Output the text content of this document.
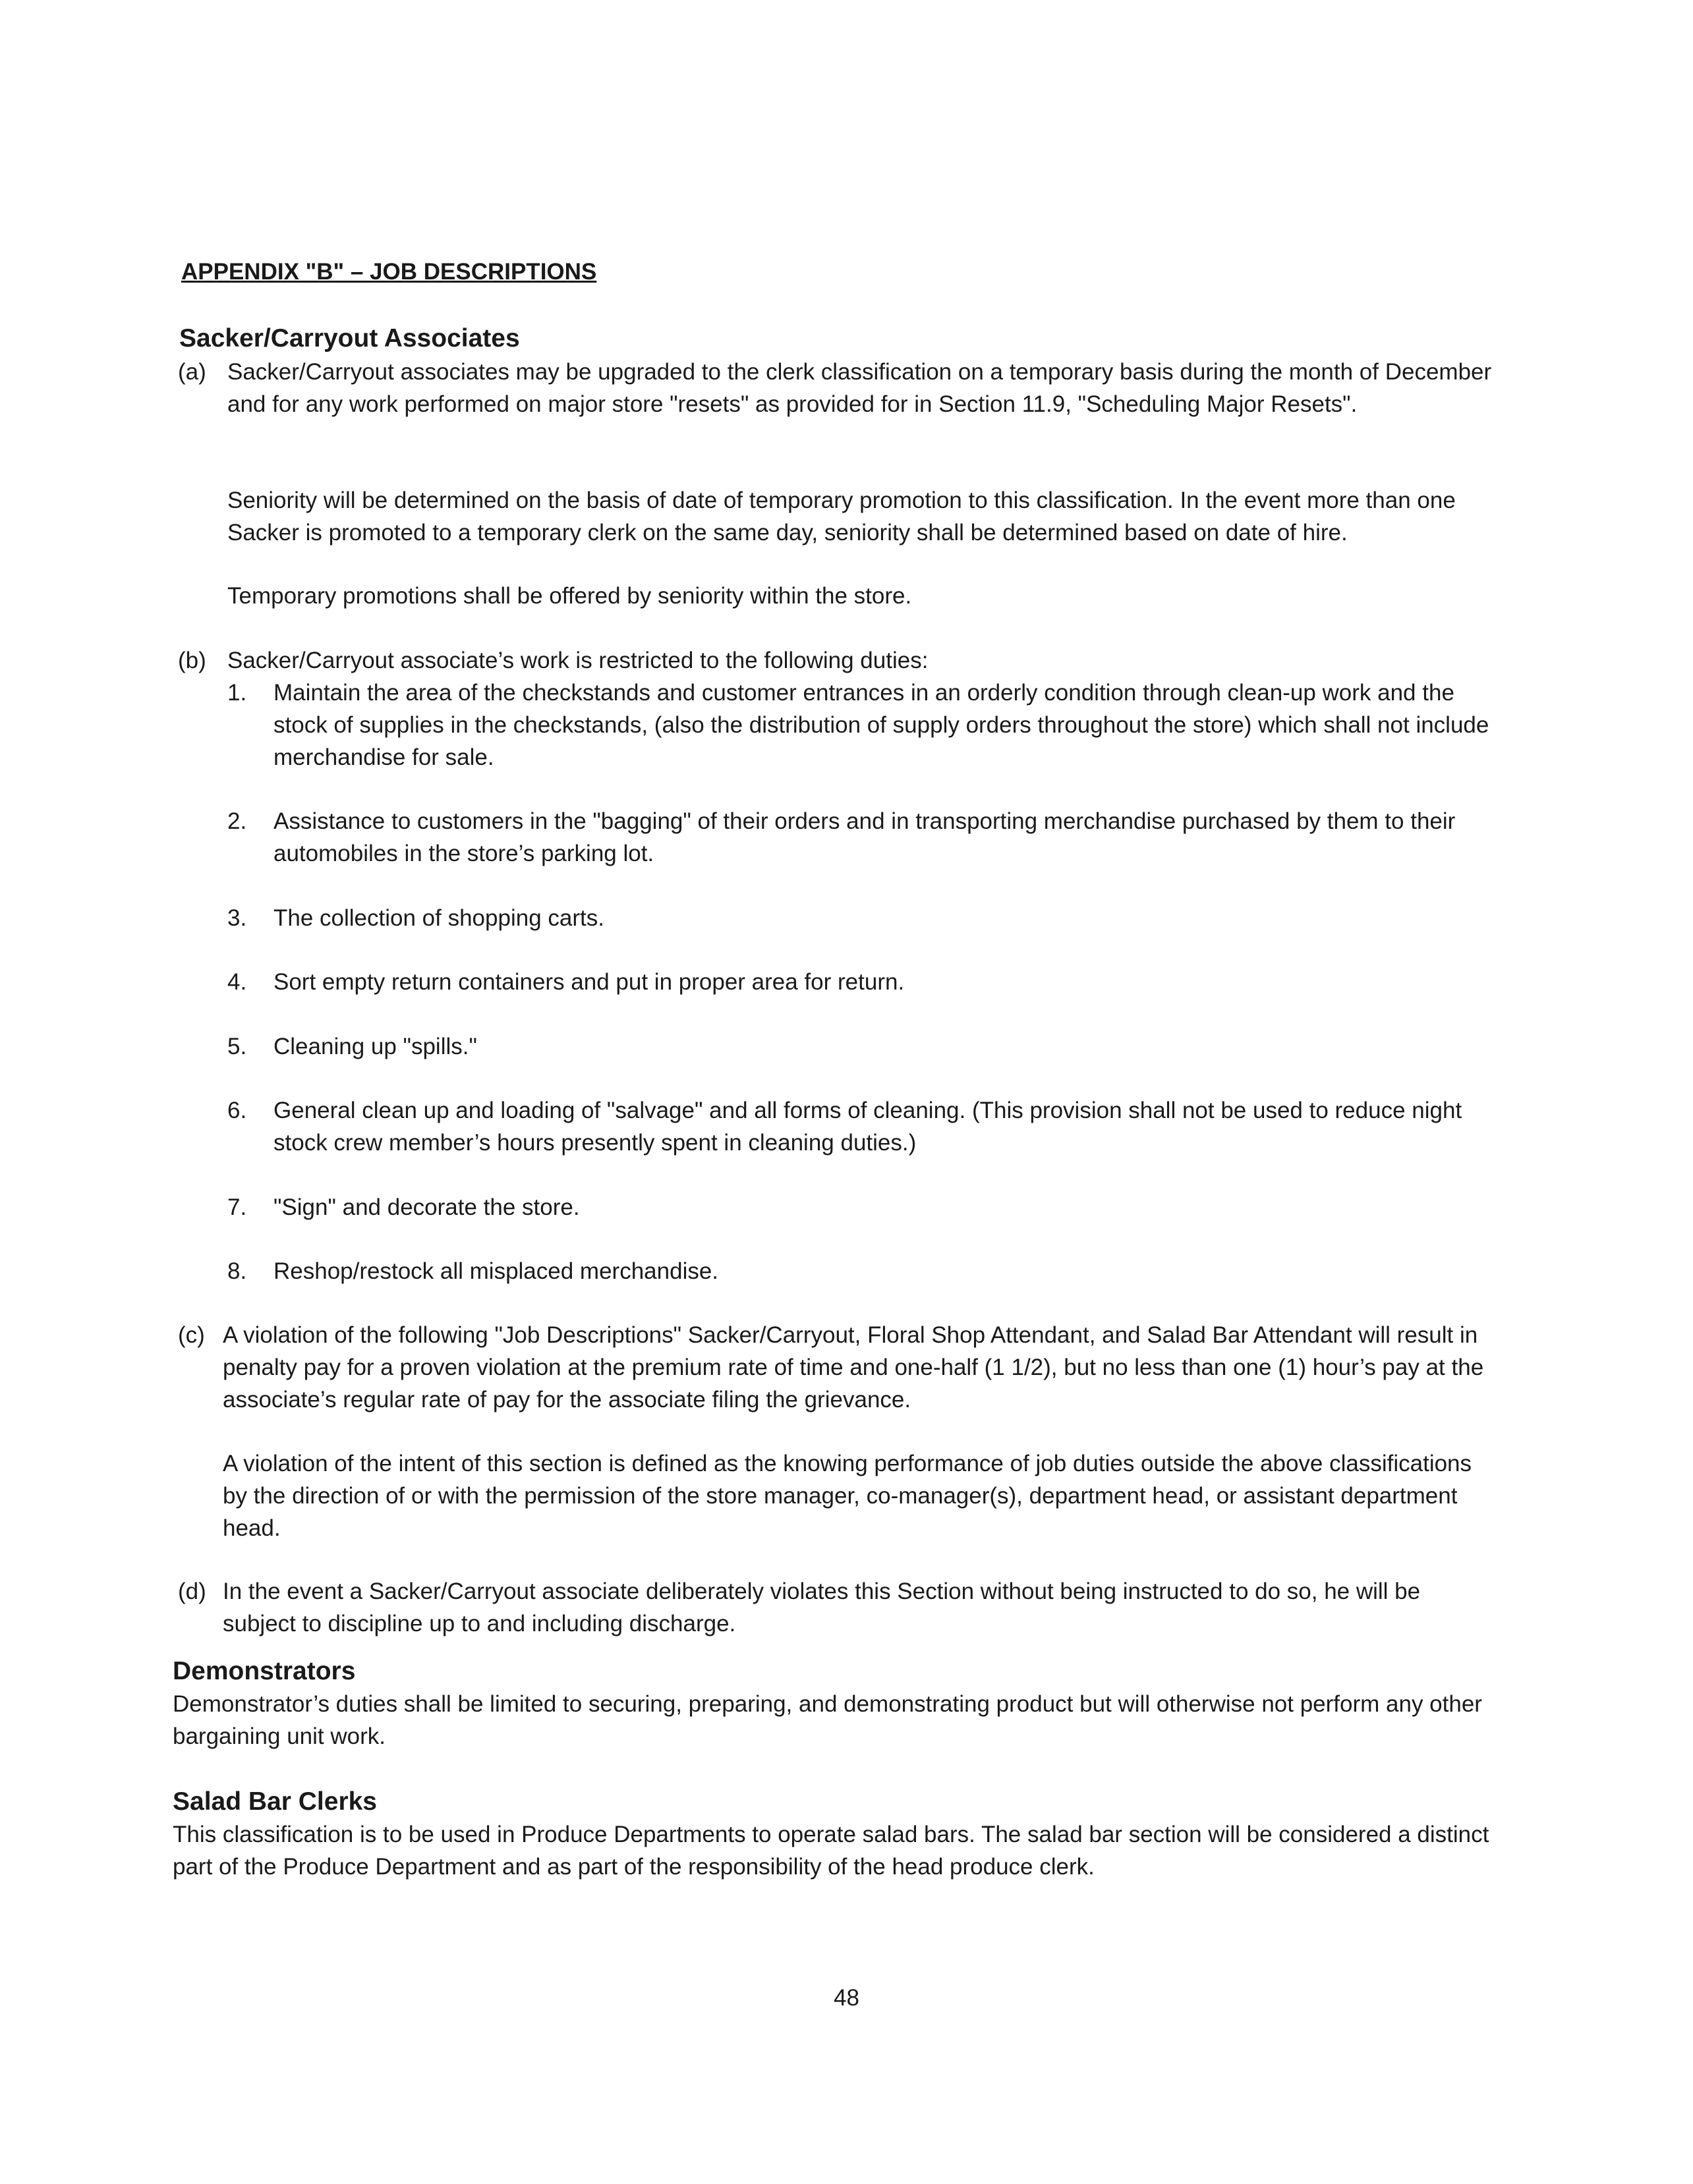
APPENDIX "B" – JOB DESCRIPTIONS
Sacker/Carryout Associates
(a) Sacker/Carryout associates may be upgraded to the clerk classification on a temporary basis during the month of December and for any work performed on major store "resets" as provided for in Section 11.9, "Scheduling Major Resets".
Seniority will be determined on the basis of date of temporary promotion to this classification. In the event more than one Sacker is promoted to a temporary clerk on the same day, seniority shall be determined based on date of hire.
Temporary promotions shall be offered by seniority within the store.
(b) Sacker/Carryout associate’s work is restricted to the following duties:
1. Maintain the area of the checkstands and customer entrances in an orderly condition through clean-up work and the stock of supplies in the checkstands, (also the distribution of supply orders throughout the store) which shall not include merchandise for sale.
2. Assistance to customers in the "bagging" of their orders and in transporting merchandise purchased by them to their automobiles in the store’s parking lot.
3. The collection of shopping carts.
4. Sort empty return containers and put in proper area for return.
5. Cleaning up "spills."
6. General clean up and loading of "salvage" and all forms of cleaning. (This provision shall not be used to reduce night stock crew member’s hours presently spent in cleaning duties.)
7. "Sign" and decorate the store.
8. Reshop/restock all misplaced merchandise.
(c) A violation of the following "Job Descriptions" Sacker/Carryout, Floral Shop Attendant, and Salad Bar Attendant will result in penalty pay for a proven violation at the premium rate of time and one-half (1 1/2), but no less than one (1) hour’s pay at the associate’s regular rate of pay for the associate filing the grievance.
A violation of the intent of this section is defined as the knowing performance of job duties outside the above classifications by the direction of or with the permission of the store manager, co-manager(s), department head, or assistant department head.
(d) In the event a Sacker/Carryout associate deliberately violates this Section without being instructed to do so, he will be subject to discipline up to and including discharge.
Demonstrators
Demonstrator’s duties shall be limited to securing, preparing, and demonstrating product but will otherwise not perform any other bargaining unit work.
Salad Bar Clerks
This classification is to be used in Produce Departments to operate salad bars. The salad bar section will be considered a distinct part of the Produce Department and as part of the responsibility of the head produce clerk.
48
